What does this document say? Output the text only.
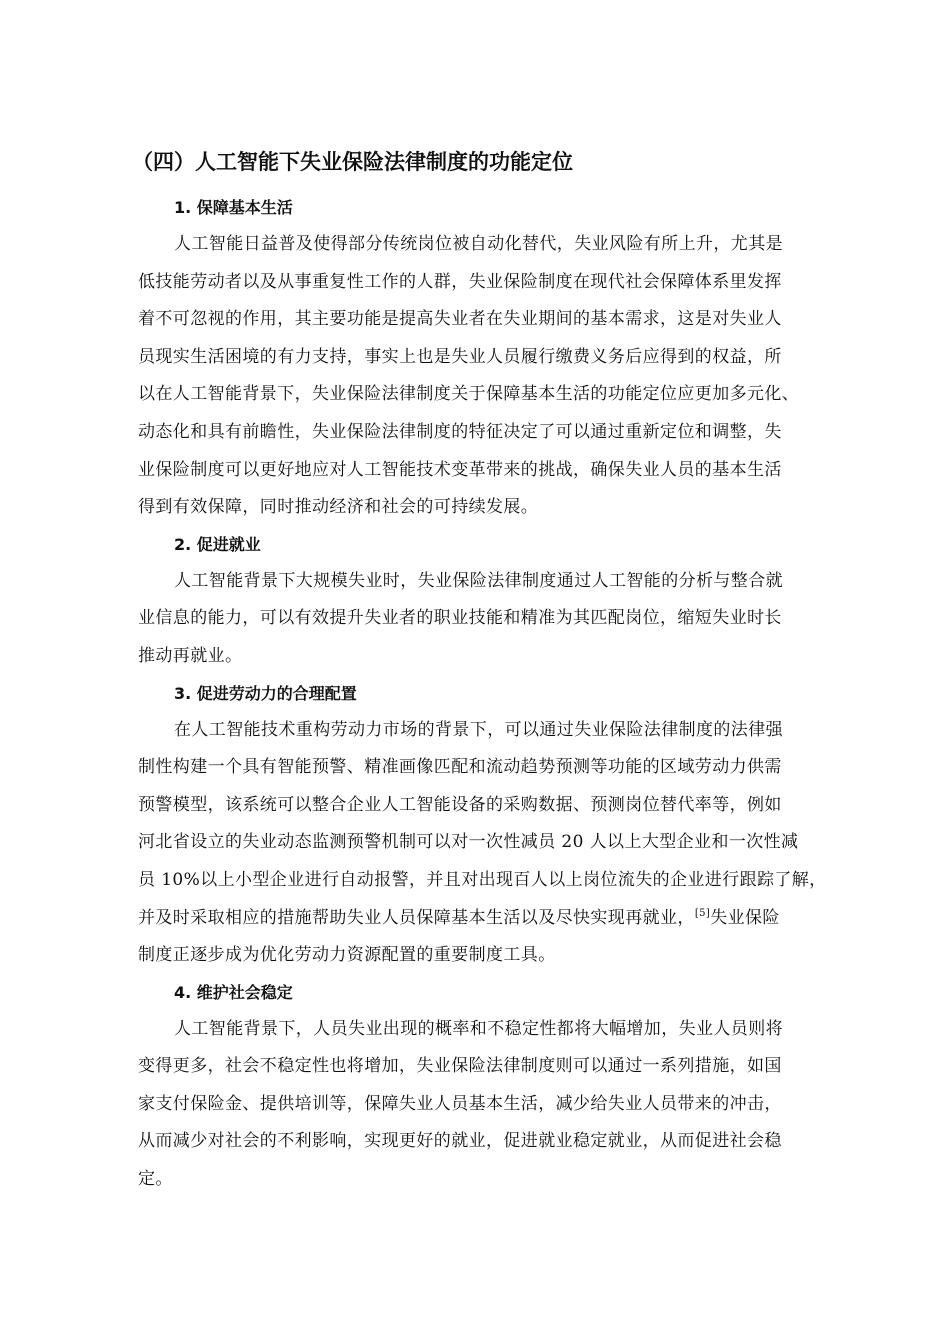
（四）人工智能下失业保险法律制度的功能定位
1. 保障基本生活

人工智能日益普及使得部分传统岗位被自动化替代，失业风险有所上升，尤其是
低技能劳动者以及从事重复性工作的人群，失业保险制度在现代社会保障体系里发挥
着不可忽视的作用，其主要功能是提高失业者在失业期间的基本需求，这是对失业人
员现实生活困境的有力支持，事实上也是失业人员履行缴费义务后应得到的权益，所
以在人工智能背景下，失业保险法律制度关于保障基本生活的功能定位应更加多元化、
动态化和具有前瞻性，失业保险法律制度的特征决定了可以通过重新定位和调整，失
业保险制度可以更好地应对人工智能技术变革带来的挑战，确保失业人员的基本生活
得到有效保障，同时推动经济和社会的可持续发展。

2. 促进就业

人工智能背景下大规模失业时，失业保险法律制度通过人工智能的分析与整合就
业信息的能力，可以有效提升失业者的职业技能和精准为其匹配岗位，缩短失业时长
推动再就业。

3. 促进劳动力的合理配置

在人工智能技术重构劳动力市场的背景下，可以通过失业保险法律制度的法律强
制性构建一个具有智能预警、精准画像匹配和流动趋势预测等功能的区域劳动力供需
预警模型，该系统可以整合企业人工智能设备的采购数据、预测岗位替代率等，例如
河北省设立的失业动态监测预警机制可以对一次性减员 20 人以上大型企业和一次性减
员 10%以上小型企业进行自动报警，并且对出现百人以上岗位流失的企业进行跟踪了解，
并及时采取相应的措施帮助失业人员保障基本生活以及尽快实现再就业，[5]失业保险
制度正逐步成为优化劳动力资源配置的重要制度工具。

4. 维护社会稳定

人工智能背景下，人员失业出现的概率和不稳定性都将大幅增加，失业人员则将
变得更多，社会不稳定性也将增加，失业保险法律制度则可以通过一系列措施，如国
家支付保险金、提供培训等，保障失业人员基本生活，减少给失业人员带来的冲击，
从而减少对社会的不利影响，实现更好的就业，促进就业稳定就业，从而促进社会稳
定。
